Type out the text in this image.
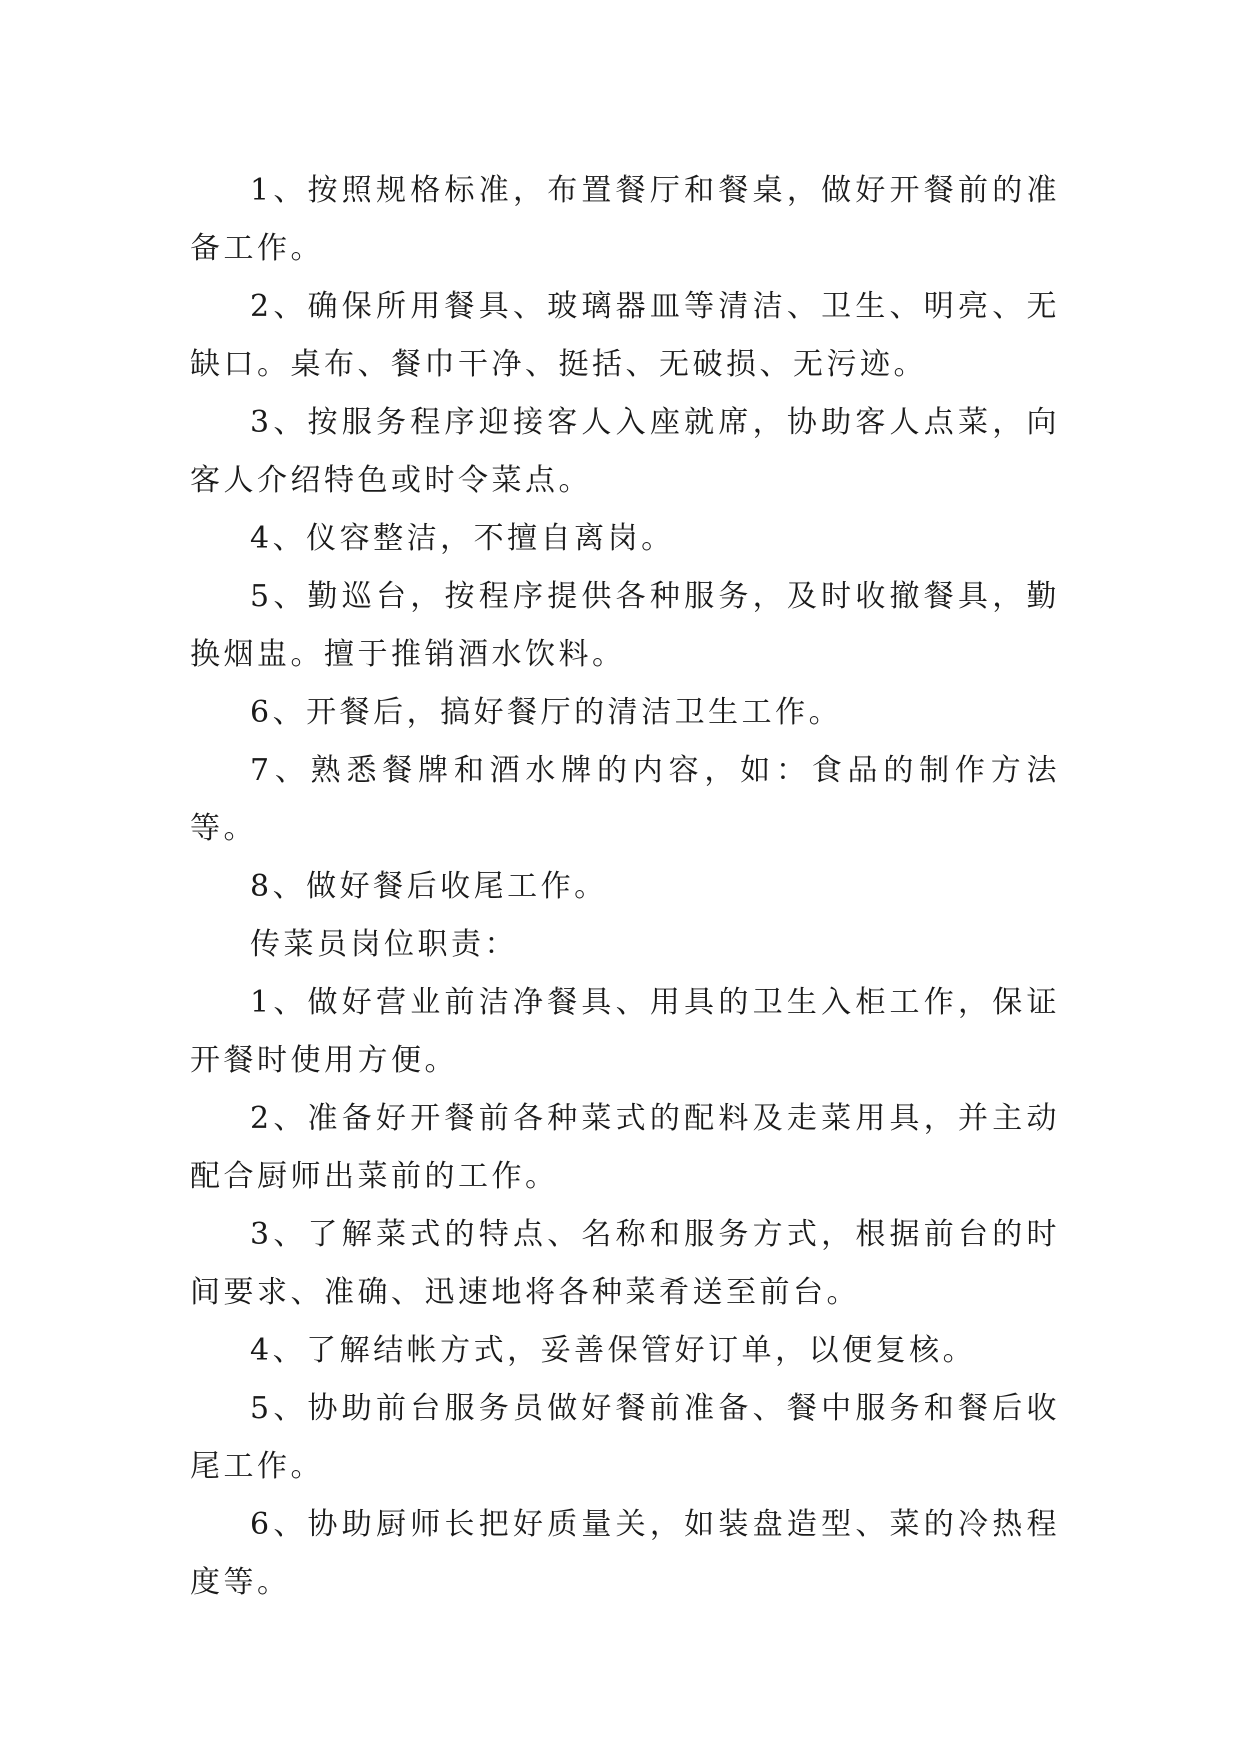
1、按照规格标准，布置餐厅和餐桌，做好开餐前的准备工作。

2、确保所用餐具、玻璃器皿等清洁、卫生、明亮、无缺口。桌布、餐巾干净、挺括、无破损、无污迹。

3、按服务程序迎接客人入座就席，协助客人点菜，向客人介绍特色或时令菜点。

4、仪容整洁，不擅自离岗。

5、勤巡台，按程序提供各种服务，及时收撤餐具，勤换烟盅。擅于推销酒水饮料。

6、开餐后，搞好餐厅的清洁卫生工作。

7、熟悉餐牌和酒水牌的内容，如：食品的制作方法等。

8、做好餐后收尾工作。

传菜员岗位职责：

1、做好营业前洁净餐具、用具的卫生入柜工作，保证开餐时使用方便。

2、准备好开餐前各种菜式的配料及走菜用具，并主动配合厨师出菜前的工作。

3、了解菜式的特点、名称和服务方式，根据前台的时间要求、准确、迅速地将各种菜肴送至前台。

4、了解结帐方式，妥善保管好订单，以便复核。

5、协助前台服务员做好餐前准备、餐中服务和餐后收尾工作。

6、协助厨师长把好质量关，如装盘造型、菜的冷热程度等。
